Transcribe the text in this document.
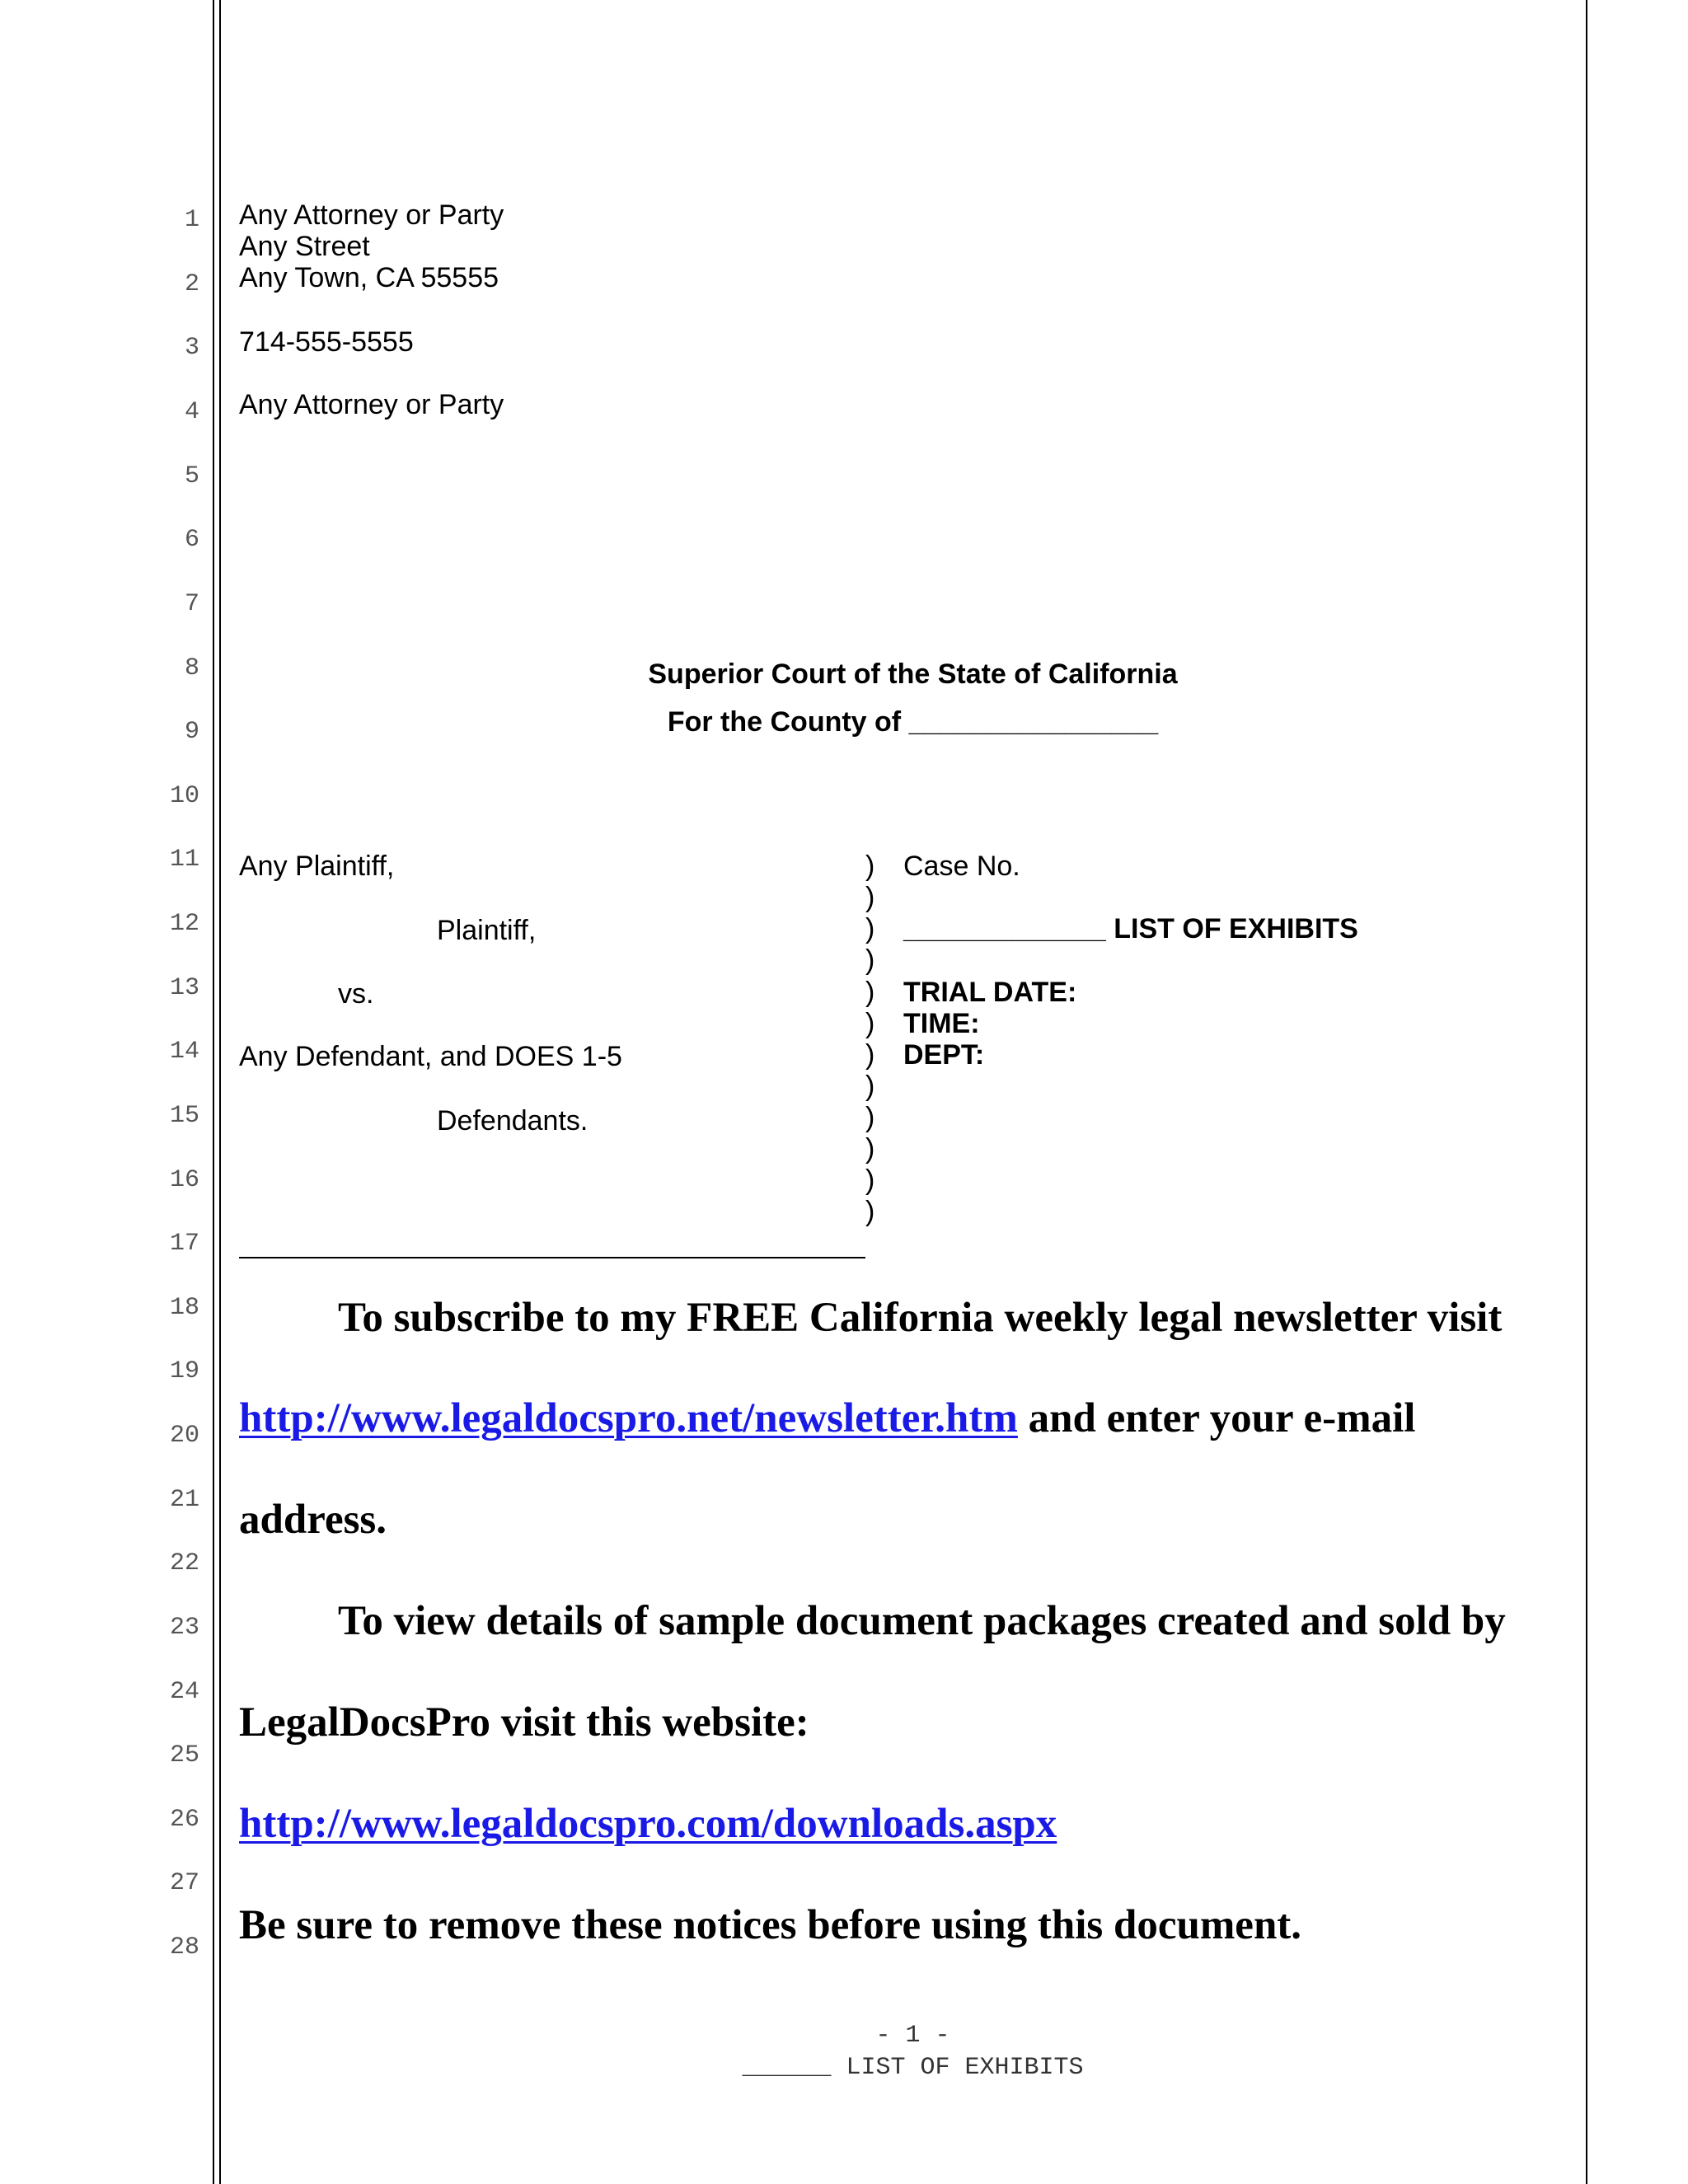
1
2
3
4
5
6
7
8
9
10
11
12
13
14
15
16
17
18
19
20
21
22
23
24
25
26
27
28
Any Attorney or Party
Any Street
Any Town, CA 55555
714-555-5555
Any Attorney or Party
Superior Court of the State of California
For the County of ________________
Any Plaintiff,
Plaintiff,
vs.
Any Defendant, and DOES 1-5
Defendants.
)
)
)
)
)
)
)
)
)
)
)
)
Case No.
_____________ LIST OF EXHIBITS
TRIAL DATE:
TIME:
DEPT:
To subscribe to my FREE California weekly legal newsletter visit
http://www.legaldocspro.net/newsletter.htm and enter your e-mail
address.
To view details of sample document packages created and sold by
LegalDocsPro visit this website:
http://www.legaldocspro.com/downloads.aspx
Be sure to remove these notices before using this document.
- 1 -
______ LIST OF EXHIBITS
